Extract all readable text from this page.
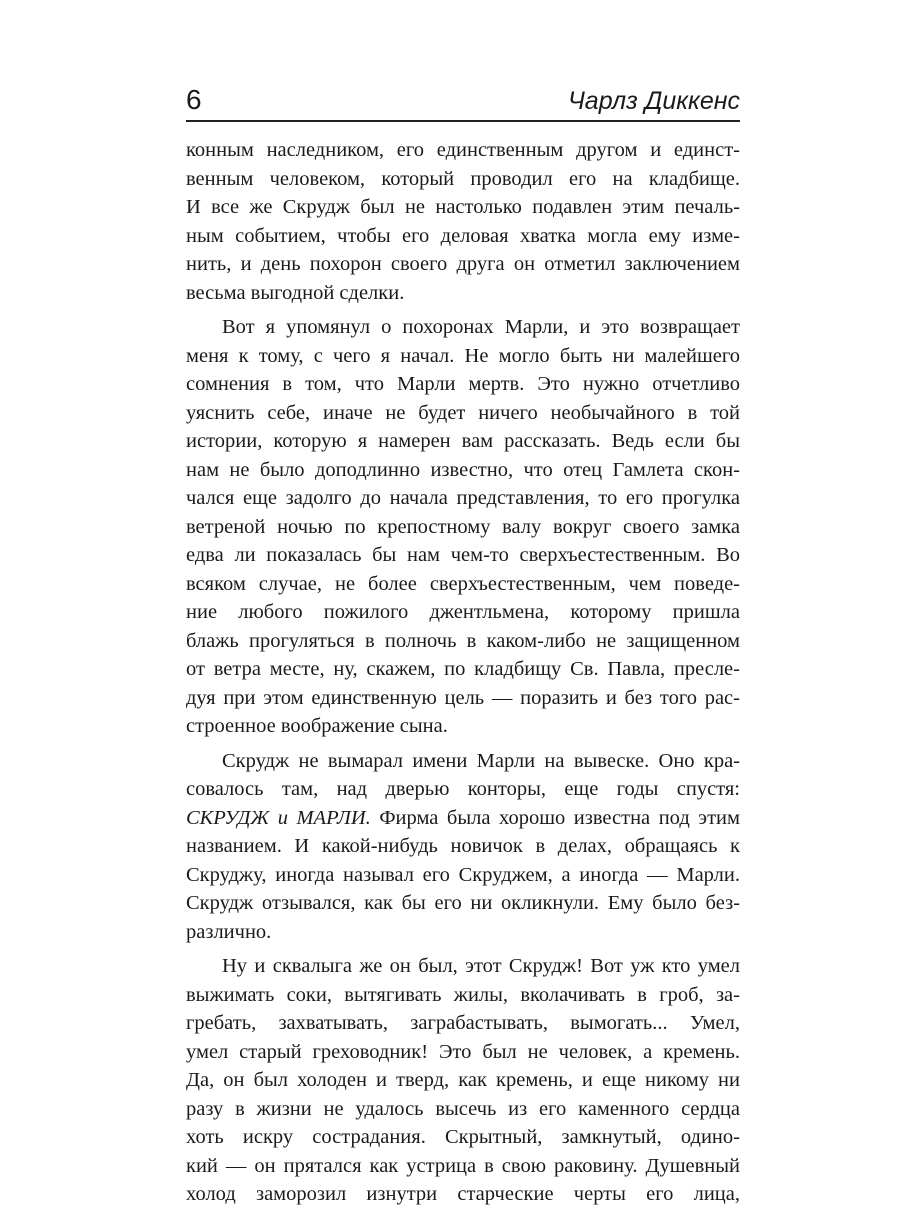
6	Чарлз Диккенс
конным наследником, его единственным другом и единст-
венным человеком, который проводил его на кладбище.
И все же Скрудж был не настолько подавлен этим печаль-
ным событием, чтобы его деловая хватка могла ему изме-
нить, и день похорон своего друга он отметил заключением
весьма выгодной сделки.
Вот я упомянул о похоронах Марли, и это возвращает
меня к тому, с чего я начал. Не могло быть ни малейшего
сомнения в том, что Марли мертв. Это нужно отчетливо
уяснить себе, иначе не будет ничего необычайного в той
истории, которую я намерен вам рассказать. Ведь если бы
нам не было доподлинно известно, что отец Гамлета скон-
чался еще задолго до начала представления, то его прогулка
ветреной ночью по крепостному валу вокруг своего замка
едва ли показалась бы нам чем-то сверхъестественным. Во
всяком случае, не более сверхъестественным, чем поведе-
ние любого пожилого джентльмена, которому пришла
блажь прогуляться в полночь в каком-либо не защищенном
от ветра месте, ну, скажем, по кладбищу Св. Павла, пресле-
дуя при этом единственную цель — поразить и без того рас-
строенное воображение сына.
Скрудж не вымарал имени Марли на вывеске. Оно кра-
совалось там, над дверью конторы, еще годы спустя:
СКРУДЖ и МАРЛИ. Фирма была хорошо известна под этим
названием. И какой-нибудь новичок в делах, обращаясь к
Скруджу, иногда называл его Скруджем, а иногда — Марли.
Скрудж отзывался, как бы его ни окликнули. Ему было без-
различно.
Ну и сквалыга же он был, этот Скрудж! Вот уж кто умел
выжимать соки, вытягивать жилы, вколачивать в гроб, за-
гребать, захватывать, заграбастывать, вымогать... Умел,
умел старый греховодник! Это был не человек, а кремень.
Да, он был холоден и тверд, как кремень, и еще никому ни
разу в жизни не удалось высечь из его каменного сердца
хоть искру сострадания. Скрытный, замкнутый, одино-
кий — он прятался как устрица в свою раковину. Душевный
холод заморозил изнутри старческие черты его лица,
